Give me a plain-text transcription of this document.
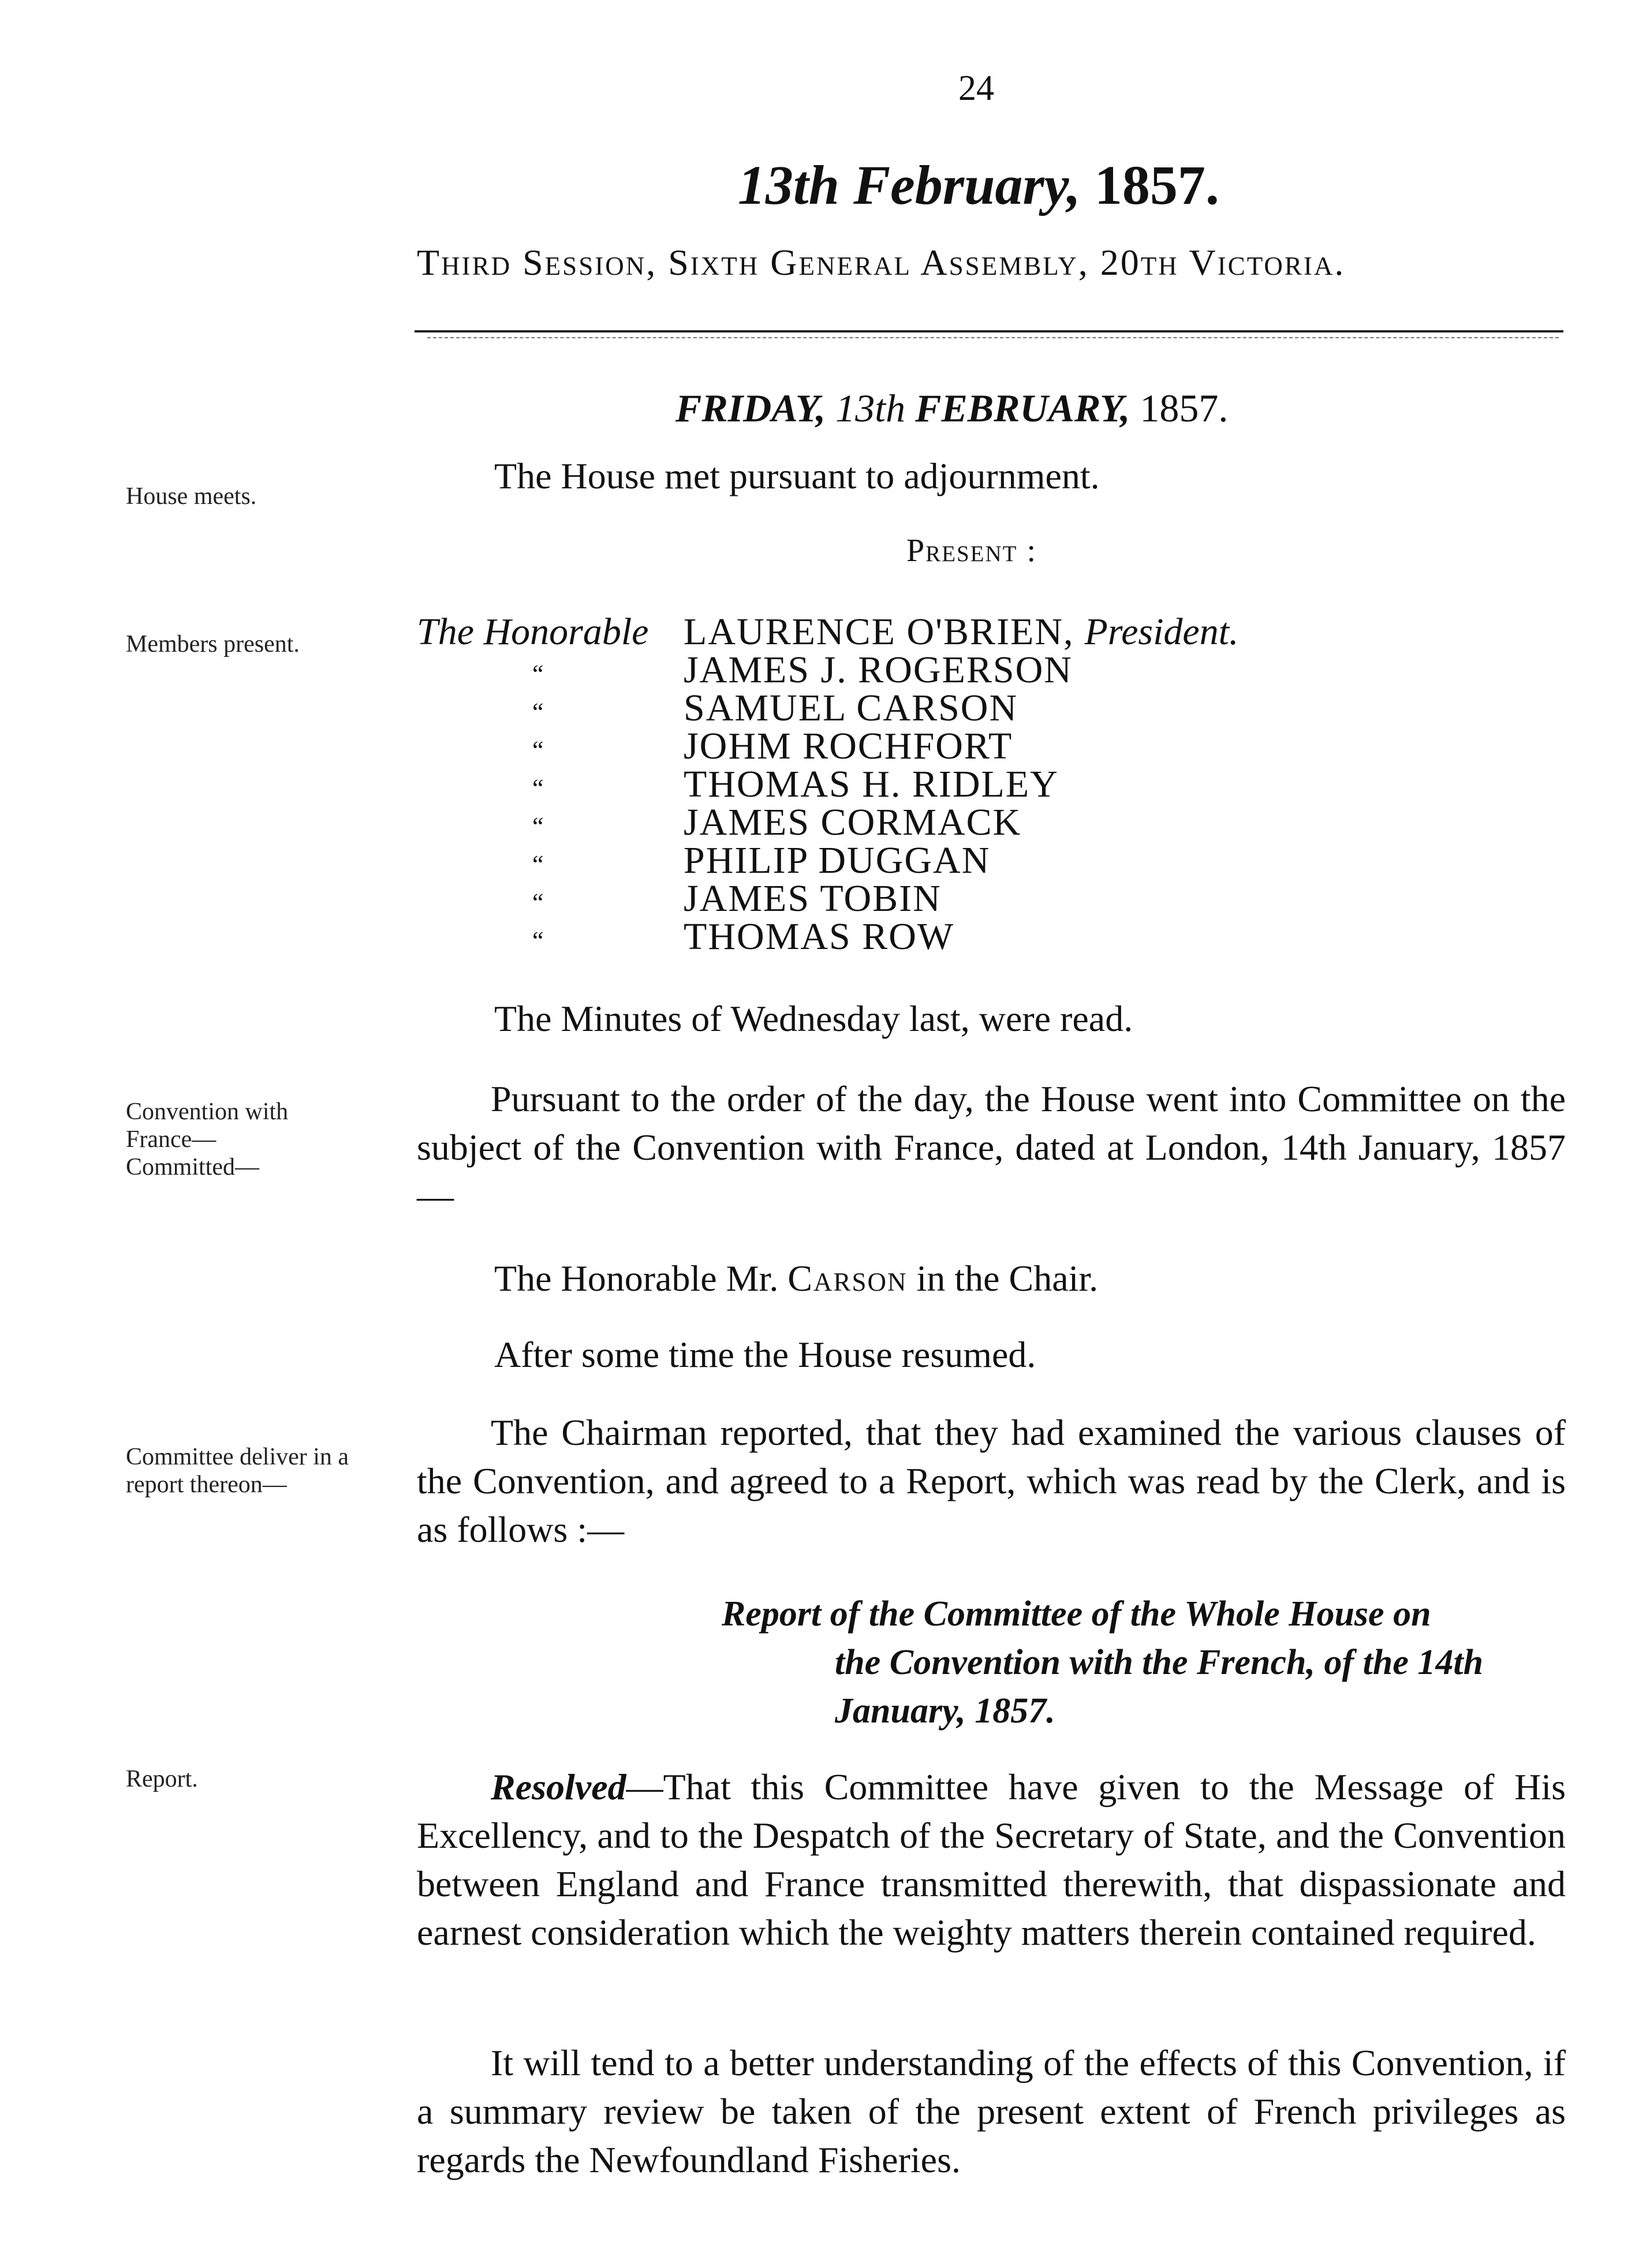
24
13th February, 1857.
Third Session, Sixth General Assembly, 20th Victoria.
FRIDAY, 13th FEBRUARY, 1857.
House meets.
Members present.
Convention with
France—
Committed—
Committee deliver in a
report thereon—
Report.
The House met pursuant to adjournment.
Present :
The Honorable LAURENCE O'BRIEN, President.
“	JAMES J. ROGERSON
“	SAMUEL CARSON
“	JOHM ROCHFORT
“	THOMAS H. RIDLEY
“	JAMES CORMACK
“	PHILIP DUGGAN
“	JAMES TOBIN
“	THOMAS ROW
The Minutes of Wednesday last, were read.
Pursuant to the order of the day, the House went into Committee on the subject of the Convention with France, dated at London, 14th January, 1857—
The Honorable Mr. Carson in the Chair.
After some time the House resumed.
The Chairman reported, that they had examined the various clauses of the Convention, and agreed to a Report, which was read by the Clerk, and is as follows :—
Report of the Committee of the Whole House on
the Convention with the French, of the 14th
January, 1857.
Resolved—That this Committee have given to the Message of His Excellency, and to the Despatch of the Secretary of State, and the Convention between England and France transmitted therewith, that dispassionate and earnest consideration which the weighty matters therein contained required.
It will tend to a better understanding of the effects of this Convention, if a summary review be taken of the present extent of French privileges as regards the Newfoundland Fisheries.
